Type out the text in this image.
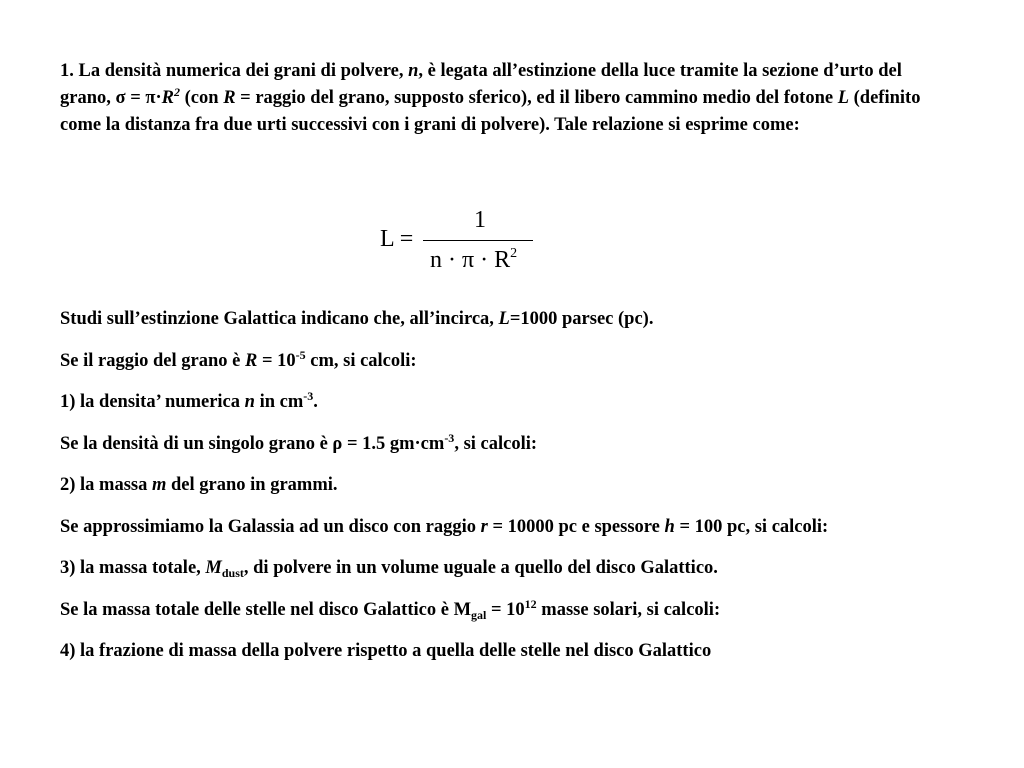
1. La densità numerica dei grani di polvere, n, è legata all’estinzione della luce tramite la sezione d’urto del grano, $\sigma = \pi\cdot R^2$ (con R = raggio del grano, supposto sferico), ed il libero cammino medio del fotone L (definito come la distanza fra due urti successivi con i grani di polvere). Tale relazione si esprime come:

L =
1
$n \cdot \pi \cdot R^2$

Studi sull’estinzione Galattica indicano che, all’incirca, L=1000 parsec (pc).

Se il raggio del grano è $R = 10^{-5}$ cm, si calcoli:

1) la densita’ numerica n in $cm^{-3}$.

Se la densità di un singolo grano è ρ = 1.5 $gm\cdot cm^{-3}$, si calcoli:

2) la massa m del grano in grammi.

Se approssimiamo la Galassia ad un disco con raggio r = 10000 pc e spessore h = 100 pc, si calcoli:

3) la massa totale, $M_{dust}$, di polvere in un volume uguale a quello del disco Galattico.

Se la massa totale delle stelle nel disco Galattico è $M_{gal} = 10^{12}$ masse solari, si calcoli:

4) la frazione di massa della polvere rispetto a quella delle stelle nel disco Galattico
